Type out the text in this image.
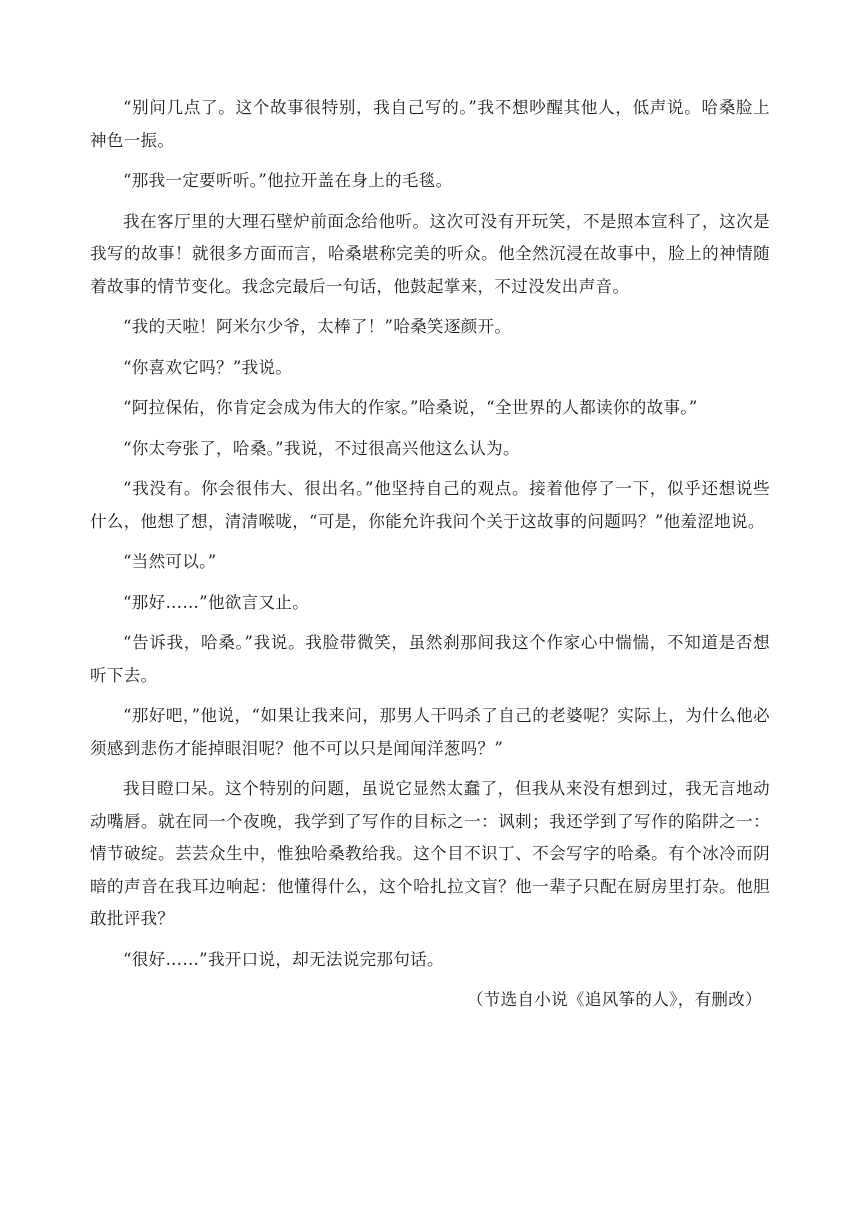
“别问几点了。这个故事很特别，我自己写的。”我不想吵醒其他人，低声说。哈桑脸上神色一振。

“那我一定要听听。”他拉开盖在身上的毛毯。

我在客厅里的大理石壁炉前面念给他听。这次可没有开玩笑，不是照本宣科了，这次是我写的故事！就很多方面而言，哈桑堪称完美的听众。他全然沉浸在故事中，脸上的神情随着故事的情节变化。我念完最后一句话，他鼓起掌来，不过没发出声音。

“我的天啦！阿米尔少爷，太棒了！”哈桑笑逐颜开。

“你喜欢它吗？”我说。

“阿拉保佑，你肯定会成为伟大的作家。”哈桑说，“全世界的人都读你的故事。”

“你太夸张了，哈桑。”我说，不过很高兴他这么认为。

“我没有。你会很伟大、很出名。”他坚持自己的观点。接着他停了一下，似乎还想说些什么，他想了想，清清喉咙，“可是，你能允许我问个关于这故事的问题吗？”他羞涩地说。

“当然可以。”

“那好……”他欲言又止。

“告诉我，哈桑。”我说。我脸带微笑，虽然刹那间我这个作家心中惴惴，不知道是否想听下去。

“那好吧，”他说，“如果让我来问，那男人干吗杀了自己的老婆呢？实际上，为什么他必须感到悲伤才能掉眼泪呢？他不可以只是闻闻洋葱吗？”

我目瞪口呆。这个特别的问题，虽说它显然太蠢了，但我从来没有想到过，我无言地动动嘴唇。就在同一个夜晚，我学到了写作的目标之一：讽刺；我还学到了写作的陷阱之一：情节破绽。芸芸众生中，惟独哈桑教给我。这个目不识丁、不会写字的哈桑。有个冰冷而阴暗的声音在我耳边响起：他懂得什么，这个哈扎拉文盲？他一辈子只配在厨房里打杂。他胆敢批评我？

“很好……”我开口说，却无法说完那句话。

（节选自小说《追风筝的人》，有删改）
